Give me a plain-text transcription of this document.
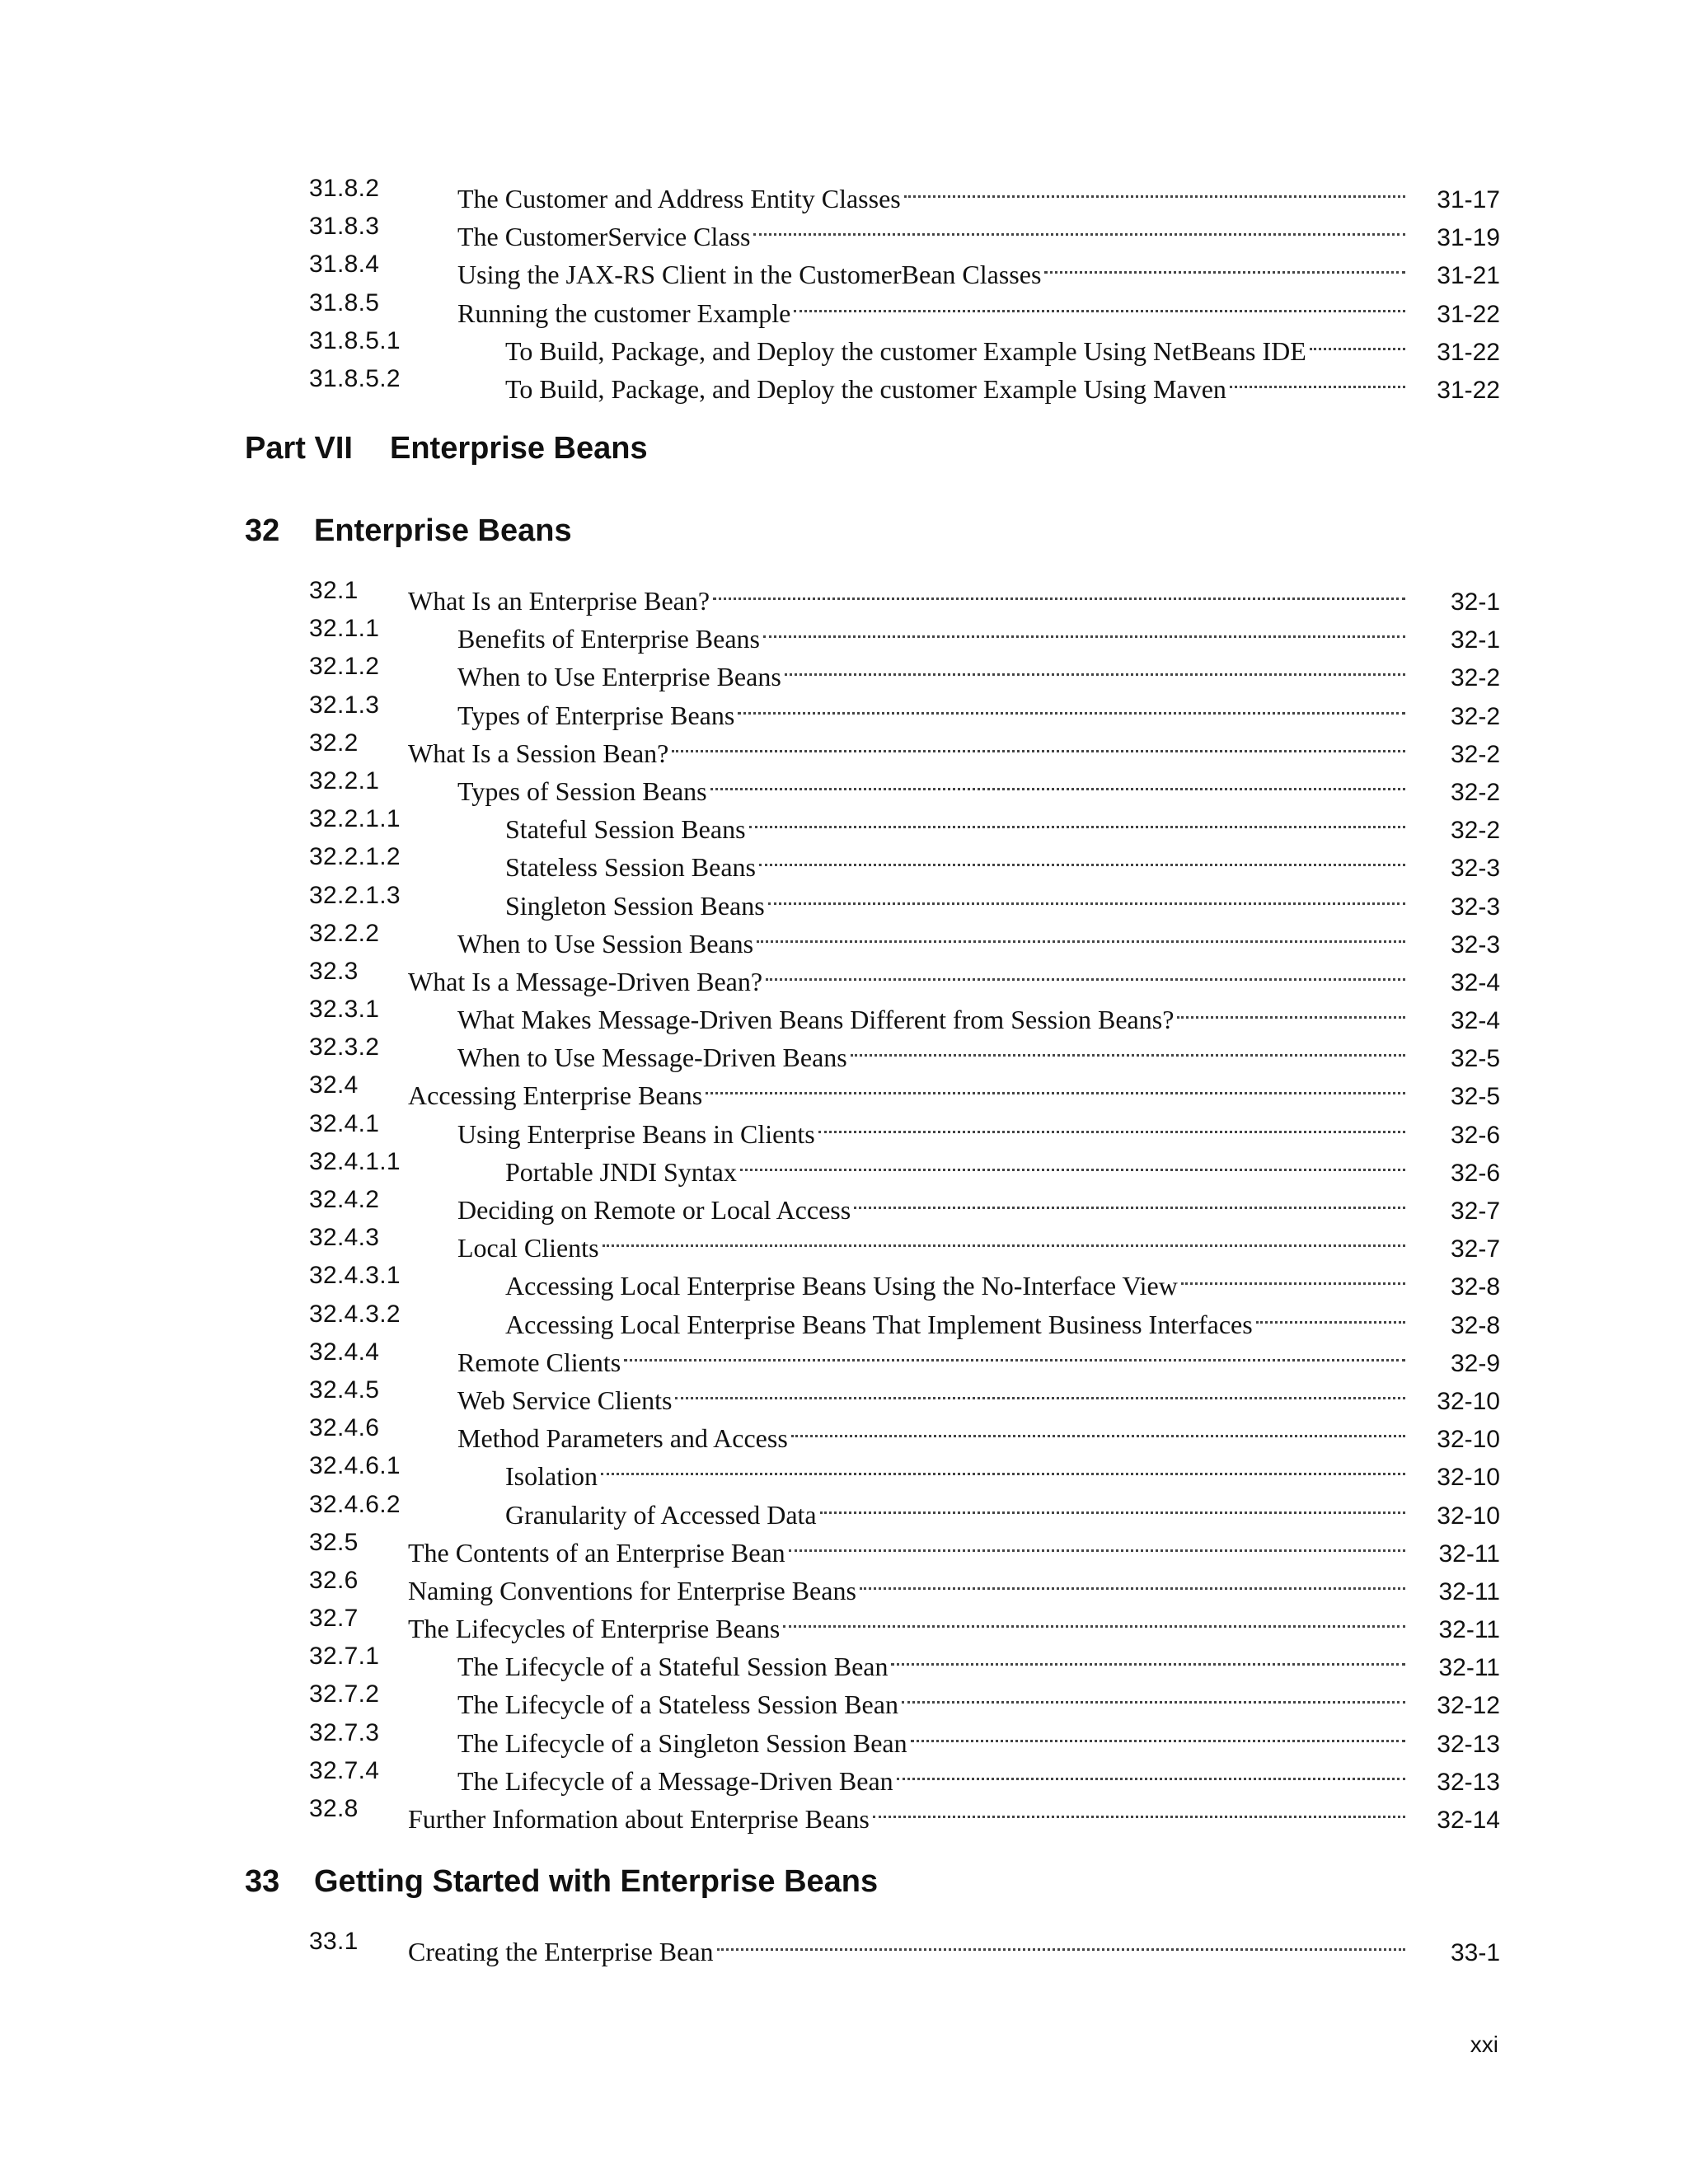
31.8.2	The Customer and Address Entity Classes	31-17
31.8.3	The CustomerService Class	31-19
31.8.4	Using the JAX-RS Client in the CustomerBean Classes	31-21
31.8.5	Running the customer Example	31-22
31.8.5.1	To Build, Package, and Deploy the customer Example Using NetBeans IDE	31-22
31.8.5.2	To Build, Package, and Deploy the customer Example Using Maven	31-22
Part VII Enterprise Beans
32 Enterprise Beans
32.1 What Is an Enterprise Bean?	32-1
32.1.1	Benefits of Enterprise Beans	32-1
32.1.2	When to Use Enterprise Beans	32-2
32.1.3	Types of Enterprise Beans	32-2
32.2 What Is a Session Bean?	32-2
32.2.1	Types of Session Beans	32-2
32.2.1.1	Stateful Session Beans	32-2
32.2.1.2	Stateless Session Beans	32-3
32.2.1.3	Singleton Session Beans	32-3
32.2.2	When to Use Session Beans	32-3
32.3 What Is a Message-Driven Bean?	32-4
32.3.1	What Makes Message-Driven Beans Different from Session Beans?	32-4
32.3.2	When to Use Message-Driven Beans	32-5
32.4 Accessing Enterprise Beans	32-5
32.4.1	Using Enterprise Beans in Clients	32-6
32.4.1.1	Portable JNDI Syntax	32-6
32.4.2	Deciding on Remote or Local Access	32-7
32.4.3	Local Clients	32-7
32.4.3.1	Accessing Local Enterprise Beans Using the No-Interface View	32-8
32.4.3.2	Accessing Local Enterprise Beans That Implement Business Interfaces	32-8
32.4.4	Remote Clients	32-9
32.4.5	Web Service Clients	32-10
32.4.6	Method Parameters and Access	32-10
32.4.6.1	Isolation	32-10
32.4.6.2	Granularity of Accessed Data	32-10
32.5 The Contents of an Enterprise Bean	32-11
32.6 Naming Conventions for Enterprise Beans	32-11
32.7 The Lifecycles of Enterprise Beans	32-11
32.7.1	The Lifecycle of a Stateful Session Bean	32-11
32.7.2	The Lifecycle of a Stateless Session Bean	32-12
32.7.3	The Lifecycle of a Singleton Session Bean	32-13
32.7.4	The Lifecycle of a Message-Driven Bean	32-13
32.8 Further Information about Enterprise Beans	32-14
33 Getting Started with Enterprise Beans
33.1 Creating the Enterprise Bean	33-1
xxi
